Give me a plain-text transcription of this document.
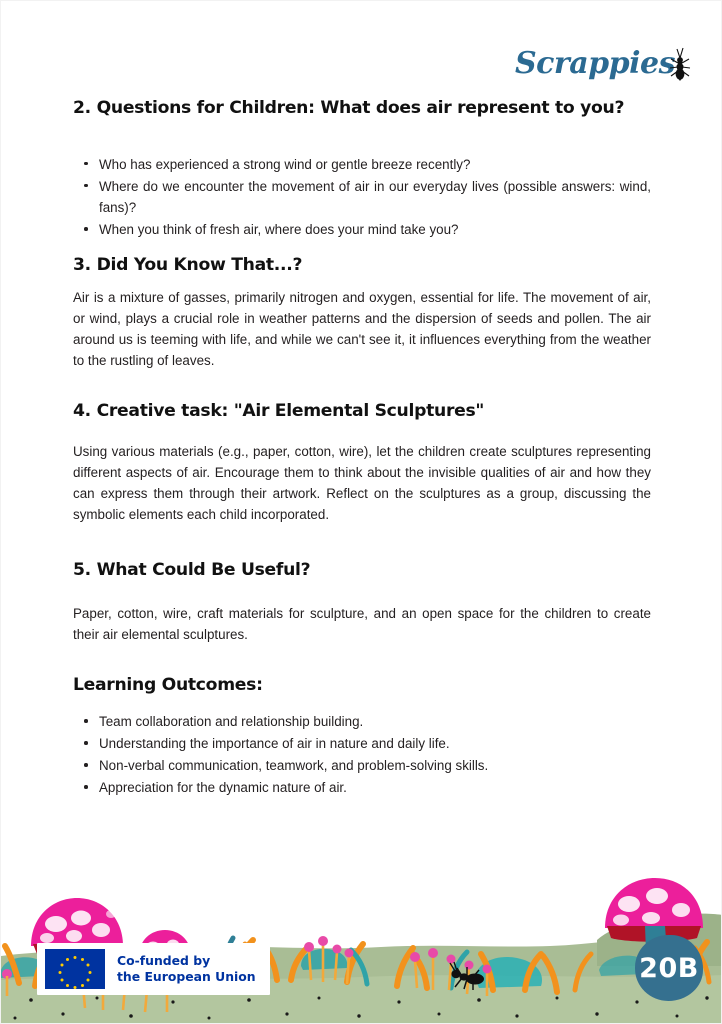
Scrappies
2. Questions for Children: What does air represent to you?
Who has experienced a strong wind or gentle breeze recently?
Where do we encounter the movement of air in our everyday lives (possible answers: wind, fans)?
When you think of fresh air, where does your mind take you?
3. Did You Know That...?

Air is a mixture of gasses, primarily nitrogen and oxygen, essential for life. The movement of air, or wind, plays a crucial role in weather patterns and the dispersion of seeds and pollen. The air around us is teeming with life, and while we can't see it, it influences everything from the weather to the rustling of leaves.

4. Creative task: "Air Elemental Sculptures"

Using various materials (e.g., paper, cotton, wire), let the children create sculptures representing different aspects of air. Encourage them to think about the invisible qualities of air and how they can express them through their artwork. Reflect on the sculptures as a group, discussing the symbolic elements each child incorporated.

5. What Could Be Useful?

Paper, cotton, wire, craft materials for sculpture, and an open space for the children to create their air elemental sculptures.

Learning Outcomes:
Team collaboration and relationship building.
Understanding the importance of air in nature and daily life.
Non-verbal communication, teamwork, and problem-solving skills.
Appreciation for the dynamic nature of air.
Co-funded by
the European Union	20B
